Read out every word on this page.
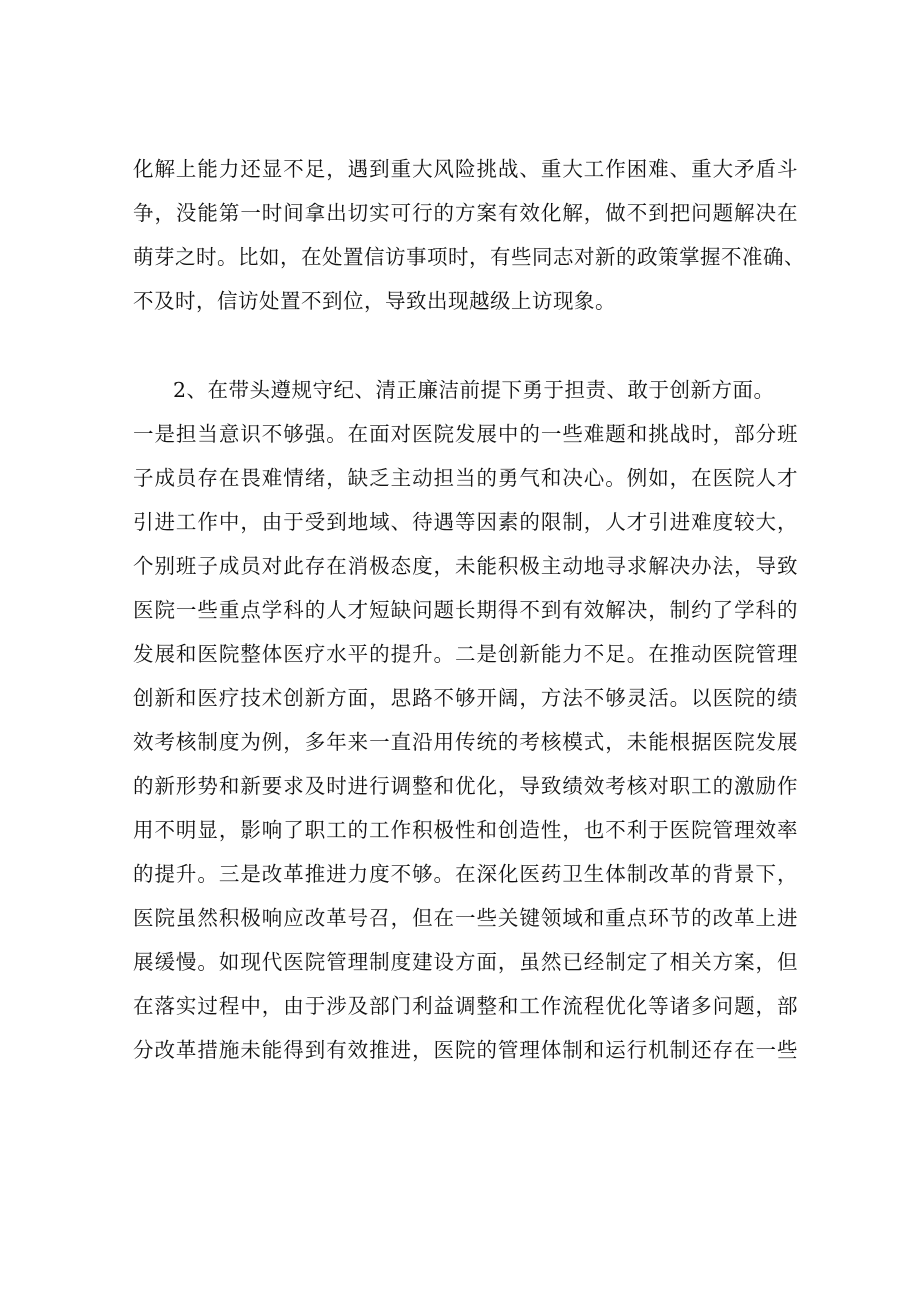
化解上能力还显不足，遇到重大风险挑战、重大工作困难、重大矛盾斗
争，没能第一时间拿出切实可行的方案有效化解，做不到把问题解决在
萌芽之时。比如，在处置信访事项时，有些同志对新的政策掌握不准确、
不及时，信访处置不到位，导致出现越级上访现象。
2、在带头遵规守纪、清正廉洁前提下勇于担责、敢于创新方面。
一是担当意识不够强。在面对医院发展中的一些难题和挑战时，部分班
子成员存在畏难情绪，缺乏主动担当的勇气和决心。例如，在医院人才
引进工作中，由于受到地域、待遇等因素的限制，人才引进难度较大，
个别班子成员对此存在消极态度，未能积极主动地寻求解决办法，导致
医院一些重点学科的人才短缺问题长期得不到有效解决，制约了学科的
发展和医院整体医疗水平的提升。二是创新能力不足。在推动医院管理
创新和医疗技术创新方面，思路不够开阔，方法不够灵活。以医院的绩
效考核制度为例，多年来一直沿用传统的考核模式，未能根据医院发展
的新形势和新要求及时进行调整和优化，导致绩效考核对职工的激励作
用不明显，影响了职工的工作积极性和创造性，也不利于医院管理效率
的提升。三是改革推进力度不够。在深化医药卫生体制改革的背景下，
医院虽然积极响应改革号召，但在一些关键领域和重点环节的改革上进
展缓慢。如现代医院管理制度建设方面，虽然已经制定了相关方案，但
在落实过程中，由于涉及部门利益调整和工作流程优化等诸多问题，部
分改革措施未能得到有效推进，医院的管理体制和运行机制还存在一些
